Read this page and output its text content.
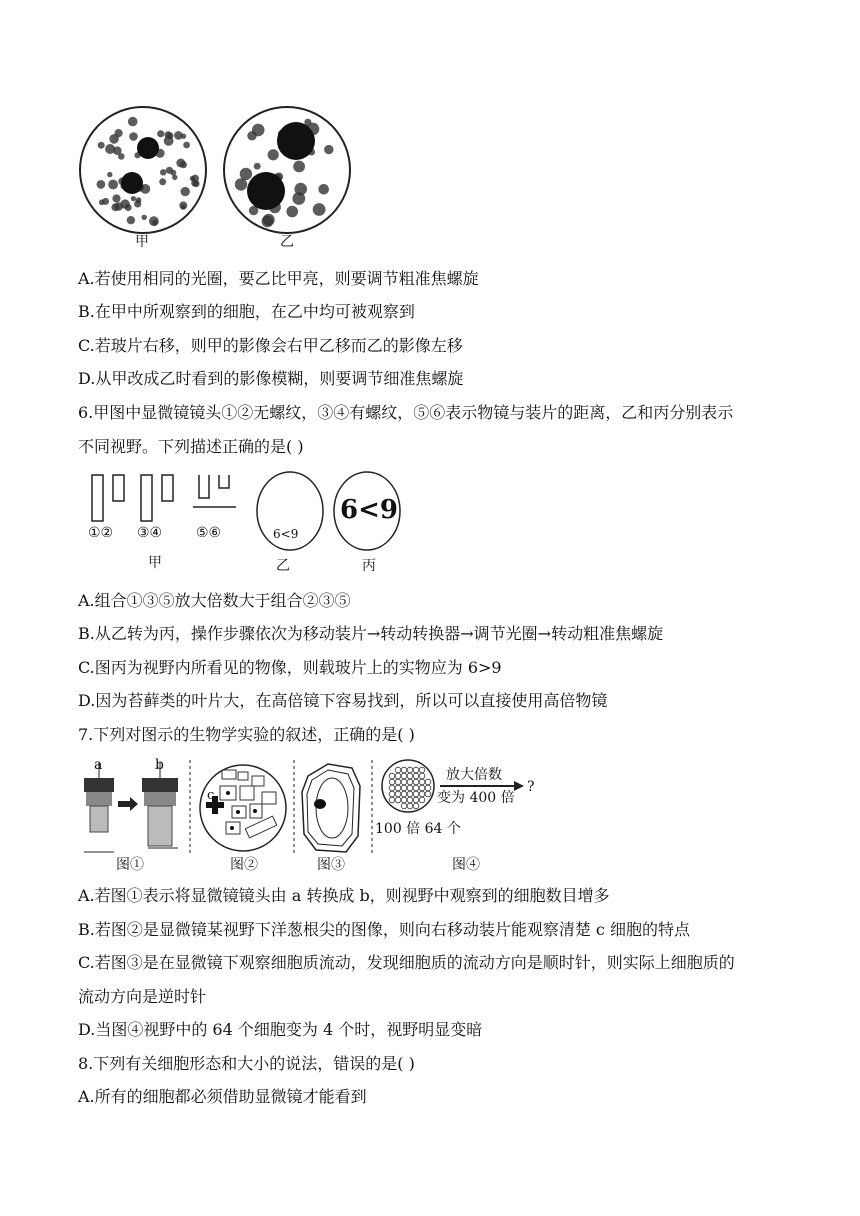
甲	乙
A.若使用相同的光圈，要乙比甲亮，则要调节粗准焦螺旋
B.在甲中所观察到的细胞，在乙中均可被观察到
C.若玻片右移，则甲的影像会右甲乙移而乙的影像左移
D.从甲改成乙时看到的影像模糊，则要调节细准焦螺旋
6.甲图中显微镜镜头①②无螺纹，③④有螺纹，⑤⑥表示物镜与装片的距离，乙和丙分别表示
不同视野。下列描述正确的是( )
6<9
6<9
①② ③④ ⑤⑥
甲	乙	丙
A.组合①③⑤放大倍数大于组合②③⑤
B.从乙转为丙，操作步骤依次为移动装片→转动转换器→调节光圈→转动粗准焦螺旋
C.图丙为视野内所看见的物像，则载玻片上的实物应为 6>9
D.因为苔藓类的叶片大，在高倍镜下容易找到，所以可以直接使用高倍物镜
7.下列对图示的生物学实验的叙述，正确的是( )
a	b
c
放大倍数
变为 400 倍
?
100 倍 64 个
图①	图②	图③	图④
A.若图①表示将显微镜镜头由 a 转换成 b，则视野中观察到的细胞数目增多
B.若图②是显微镜某视野下洋葱根尖的图像，则向右移动装片能观察清楚 c 细胞的特点
C.若图③是在显微镜下观察细胞质流动，发现细胞质的流动方向是顺时针，则实际上细胞质的
流动方向是逆时针
D.当图④视野中的 64 个细胞变为 4 个时，视野明显变暗
8.下列有关细胞形态和大小的说法，错误的是( )
A.所有的细胞都必须借助显微镜才能看到
